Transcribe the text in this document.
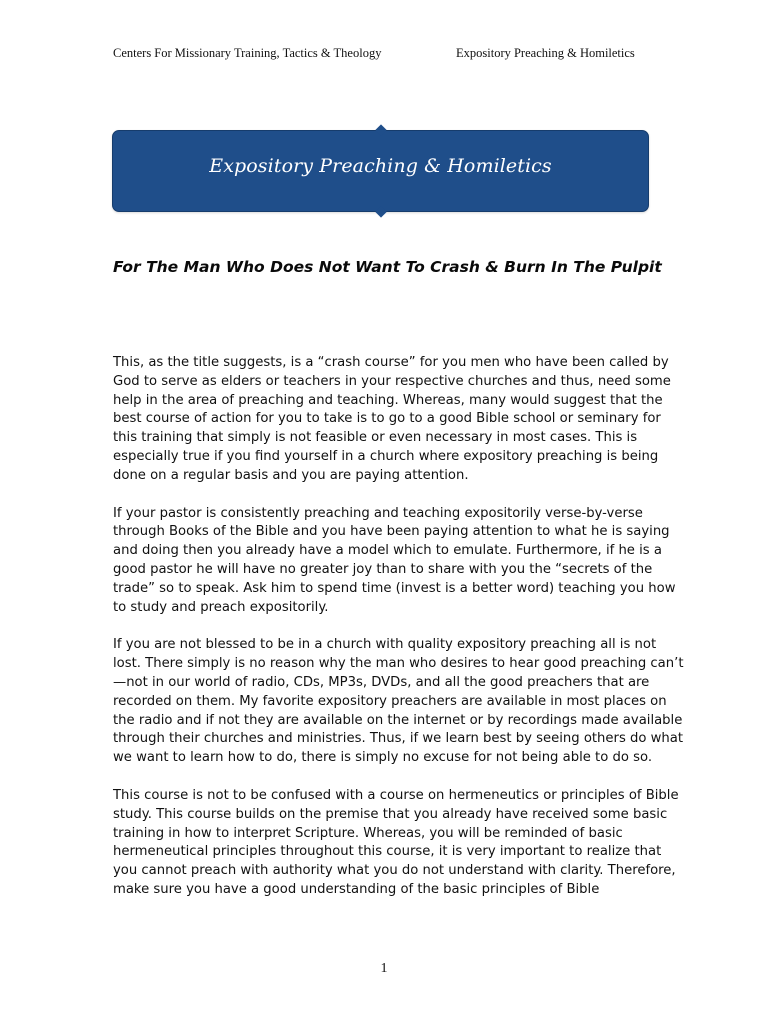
Centers For Missionary Training, Tactics & Theology	Expository Preaching & Homiletics
Expository Preaching & Homiletics
For The Man Who Does Not Want To Crash & Burn In The Pulpit

This, as the title suggests, is a “crash course” for you men who have been called by God to serve as elders or teachers in your respective churches and thus, need some help in the area of preaching and teaching. Whereas, many would suggest that the best course of action for you to take is to go to a good Bible school or seminary for this training that simply is not feasible or even necessary in most cases. This is especially true if you find yourself in a church where expository preaching is being done on a regular basis and you are paying attention.

If your pastor is consistently preaching and teaching expositorily verse-by-verse through Books of the Bible and you have been paying attention to what he is saying and doing then you already have a model which to emulate. Furthermore, if he is a good pastor he will have no greater joy than to share with you the “secrets of the trade” so to speak. Ask him to spend time (invest is a better word) teaching you how to study and preach expositorily.

If you are not blessed to be in a church with quality expository preaching all is not lost. There simply is no reason why the man who desires to hear good preaching can’t—not in our world of radio, CDs, MP3s, DVDs, and all the good preachers that are recorded on them. My favorite expository preachers are available in most places on the radio and if not they are available on the internet or by recordings made available through their churches and ministries. Thus, if we learn best by seeing others do what we want to learn how to do, there is simply no excuse for not being able to do so.

This course is not to be confused with a course on hermeneutics or principles of Bible study. This course builds on the premise that you already have received some basic training in how to interpret Scripture. Whereas, you will be reminded of basic hermeneutical principles throughout this course, it is very important to realize that you cannot preach with authority what you do not understand with clarity. Therefore, make sure you have a good understanding of the basic principles of Bible

1
